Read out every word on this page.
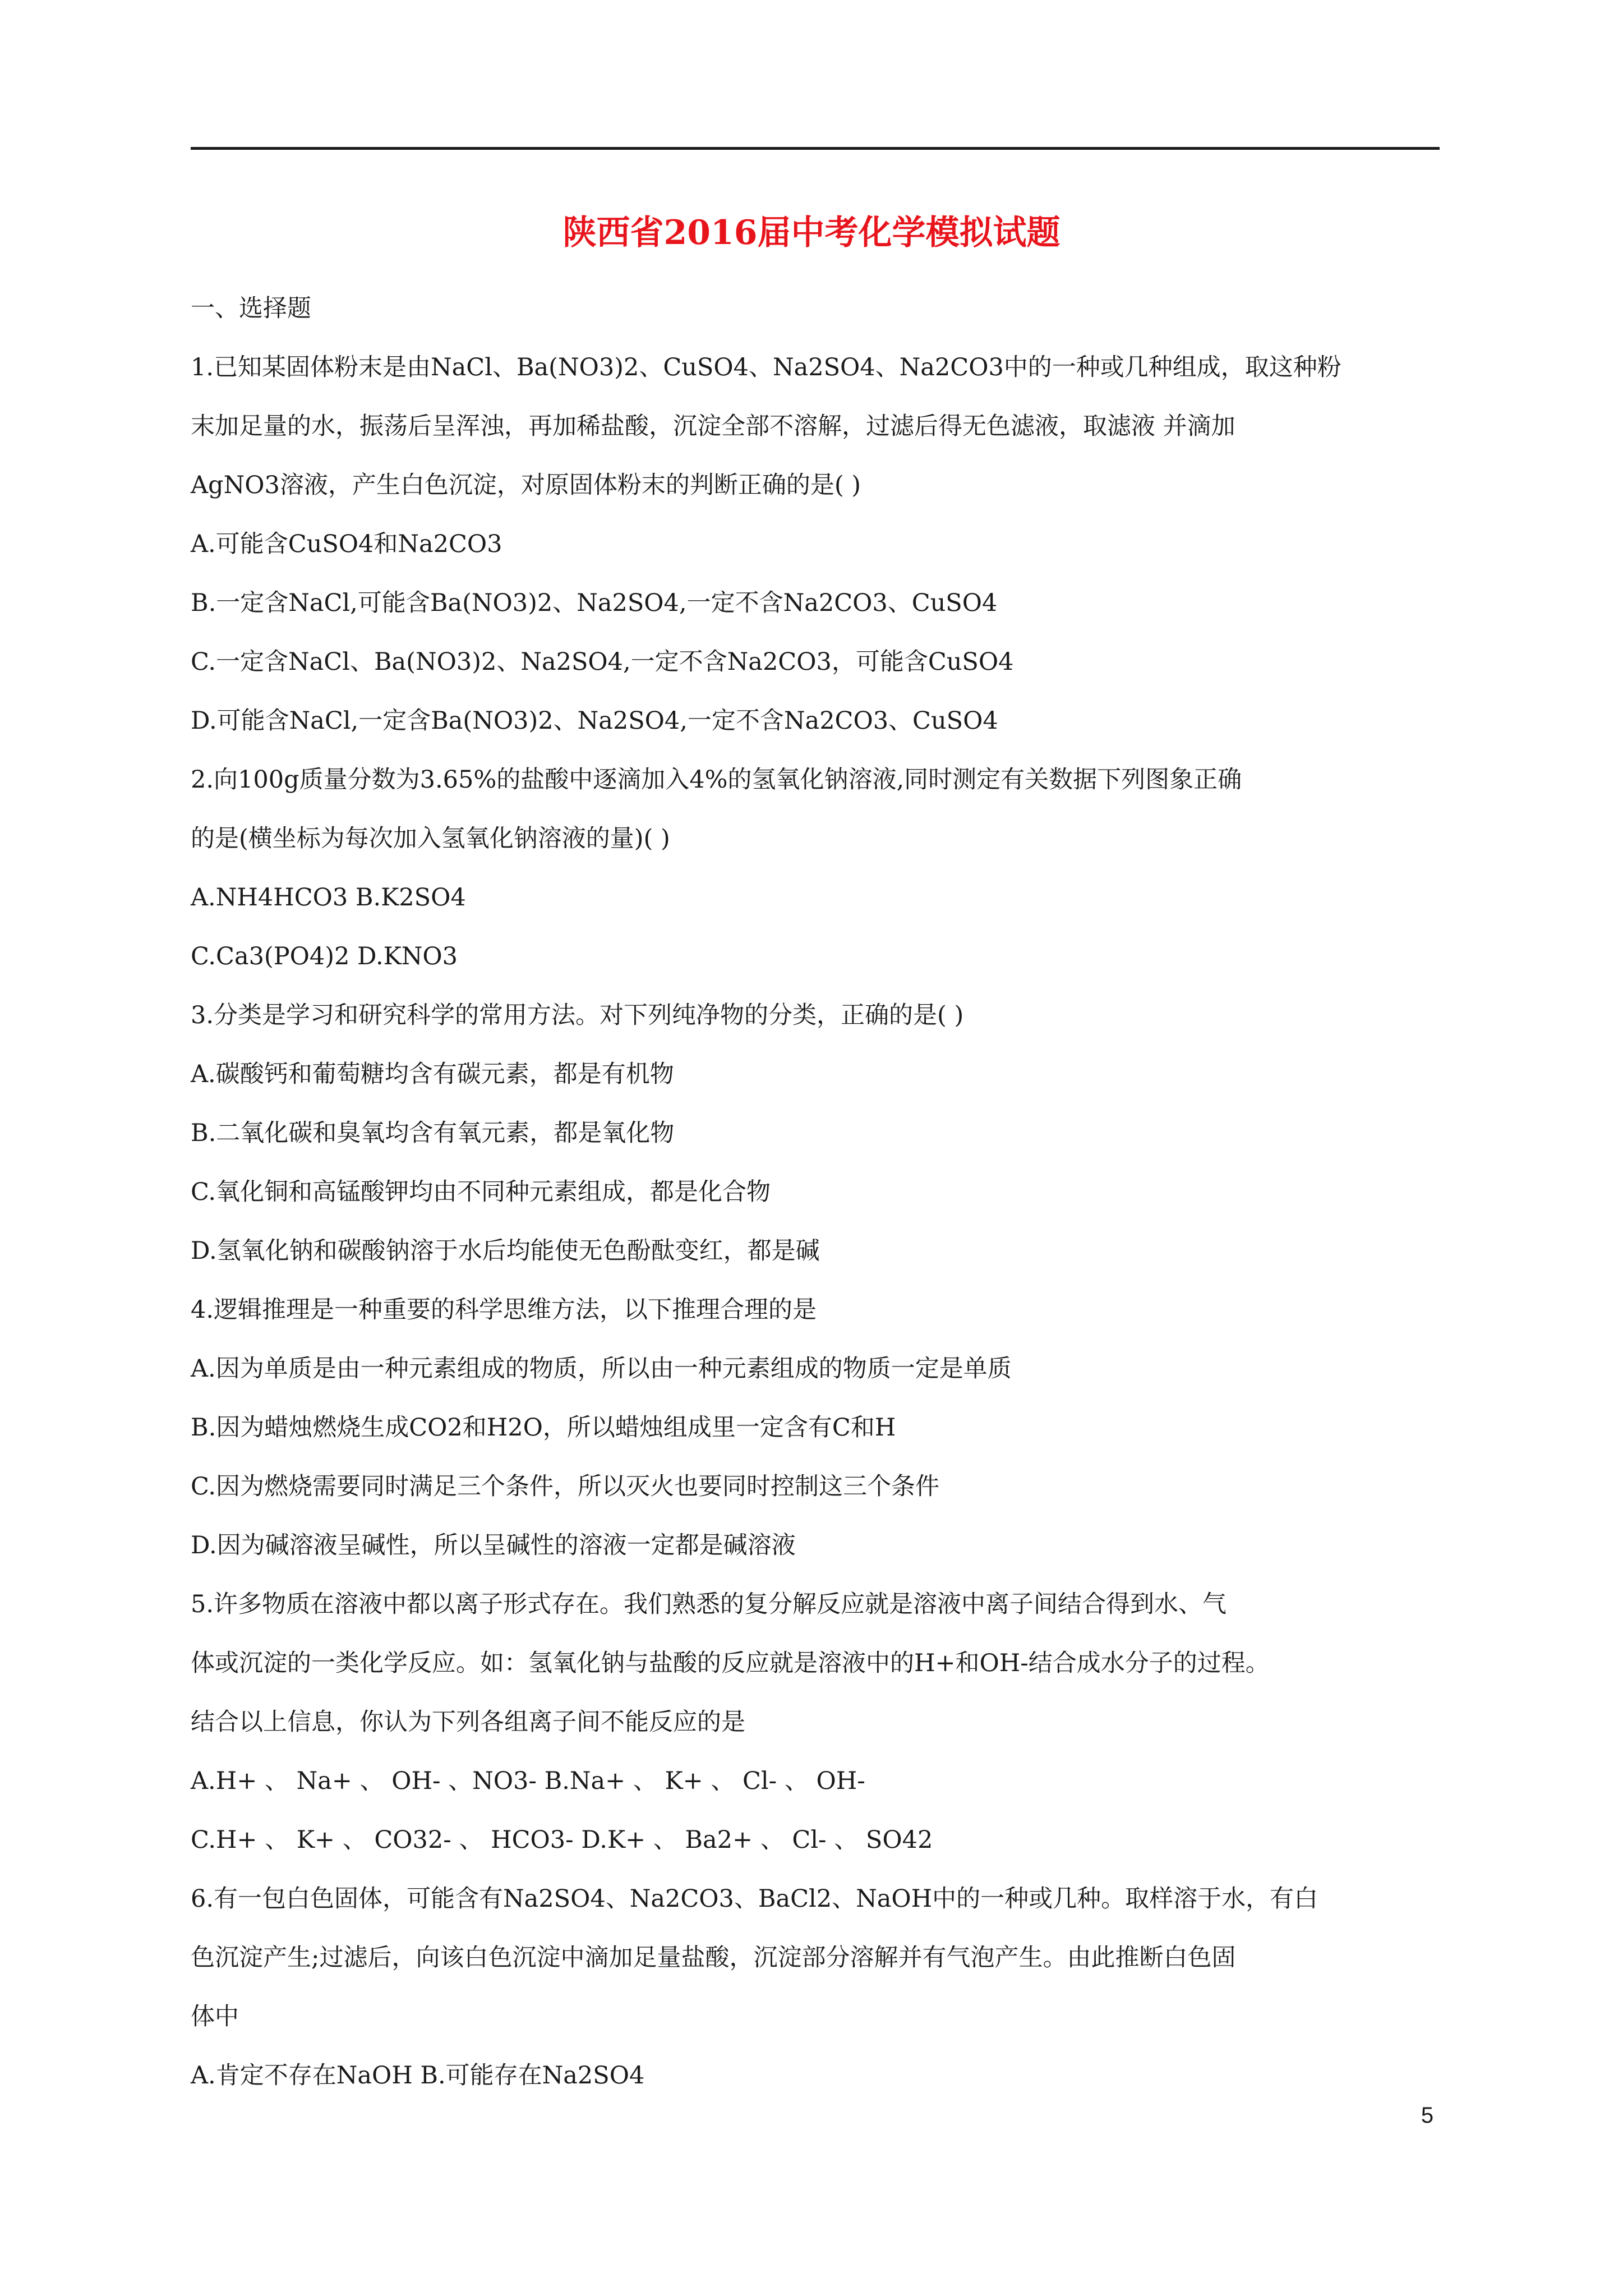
陕西省2016届中考化学模拟试题
一、选择题
1.已知某固体粉末是由NaCl、Ba(NO3)2、CuSO4、Na2SO4、Na2CO3中的一种或几种组成，取这种粉
末加足量的水，振荡后呈浑浊，再加稀盐酸，沉淀全部不溶解，过滤后得无色滤液，取滤液 并滴加
AgNO3溶液，产生白色沉淀，对原固体粉末的判断正确的是( )
A.可能含CuSO4和Na2CO3
B.一定含NaCl,可能含Ba(NO3)2、Na2SO4,一定不含Na2CO3、CuSO4
C.一定含NaCl、Ba(NO3)2、Na2SO4,一定不含Na2CO3，可能含CuSO4
D.可能含NaCl,一定含Ba(NO3)2、Na2SO4,一定不含Na2CO3、CuSO4
2.向100g质量分数为3.65%的盐酸中逐滴加入4%的氢氧化钠溶液,同时测定有关数据下列图象正确
的是(横坐标为每次加入氢氧化钠溶液的量)( )
A.NH4HCO3 B.K2SO4
C.Ca3(PO4)2 D.KNO3
3.分类是学习和研究科学的常用方法。对下列纯净物的分类，正确的是( )
A.碳酸钙和葡萄糖均含有碳元素，都是有机物
B.二氧化碳和臭氧均含有氧元素，都是氧化物
C.氧化铜和高锰酸钾均由不同种元素组成，都是化合物
D.氢氧化钠和碳酸钠溶于水后均能使无色酚酞变红，都是碱
4.逻辑推理是一种重要的科学思维方法，以下推理合理的是
A.因为单质是由一种元素组成的物质，所以由一种元素组成的物质一定是单质
B.因为蜡烛燃烧生成CO2和H2O，所以蜡烛组成里一定含有C和H
C.因为燃烧需要同时满足三个条件，所以灭火也要同时控制这三个条件
D.因为碱溶液呈碱性，所以呈碱性的溶液一定都是碱溶液
5.许多物质在溶液中都以离子形式存在。我们熟悉的复分解反应就是溶液中离子间结合得到水、气
体或沉淀的一类化学反应。如：氢氧化钠与盐酸的反应就是溶液中的H+和OH-结合成水分子的过程。
结合以上信息，你认为下列各组离子间不能反应的是
A.H+ 、 Na+ 、 OH- 、NO3- B.Na+ 、 K+ 、 Cl- 、 OH-
C.H+ 、 K+ 、 CO32- 、 HCO3- D.K+ 、 Ba2+ 、 Cl- 、 SO42
6.有一包白色固体，可能含有Na2SO4、Na2CO3、BaCl2、NaOH中的一种或几种。取样溶于水，有白
色沉淀产生;过滤后，向该白色沉淀中滴加足量盐酸，沉淀部分溶解并有气泡产生。由此推断白色固
体中
A.肯定不存在NaOH B.可能存在Na2SO4
5
